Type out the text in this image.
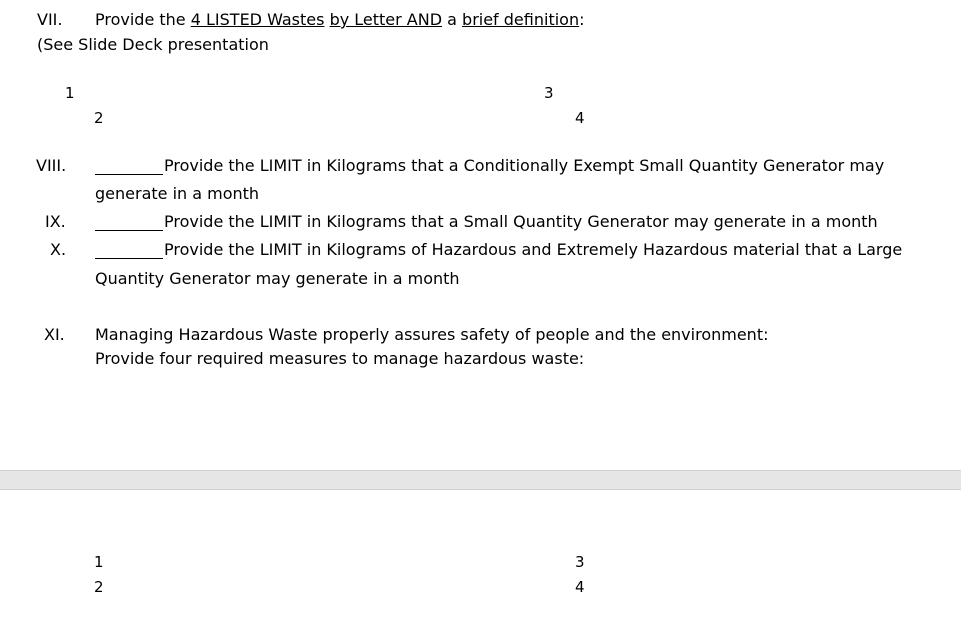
VII. Provide the 4 LISTED Wastes by Letter AND a brief definition:
(See Slide Deck presentation
1
2
3
4
VIII.	Provide the LIMIT in Kilograms that a Conditionally Exempt Small Quantity Generator may
generate in a month
IX.	Provide the LIMIT in Kilograms that a Small Quantity Generator may generate in a month
X.	Provide the LIMIT in Kilograms of Hazardous and Extremely Hazardous material that a Large
Quantity Generator may generate in a month
XI. Managing Hazardous Waste properly assures safety of people and the environment:
Provide four required measures to manage hazardous waste:
1
2
3
4
